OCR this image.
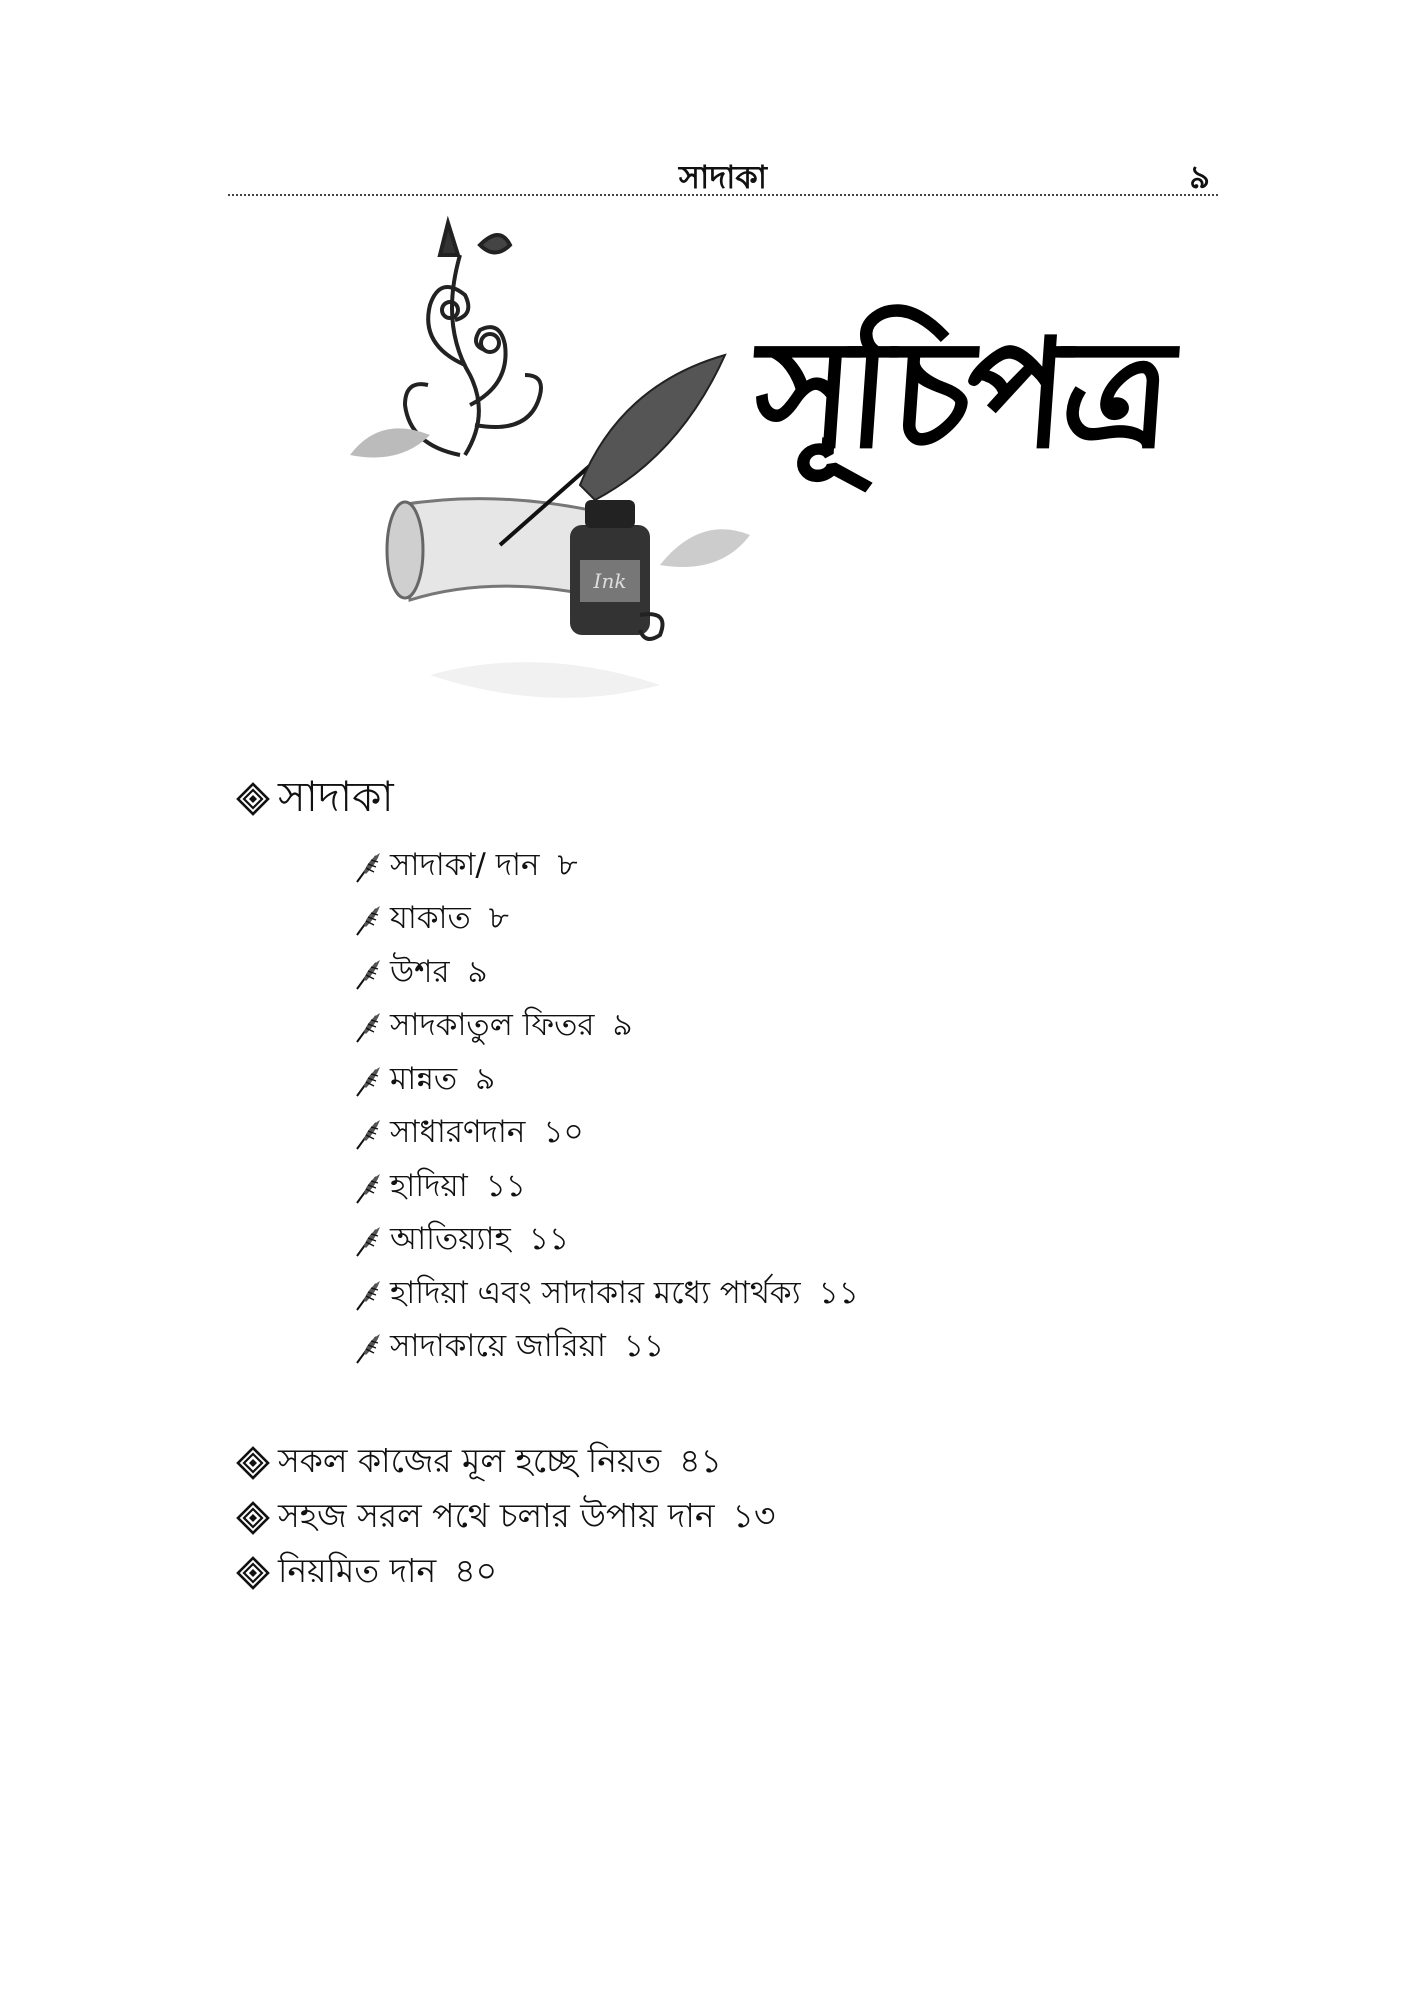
সাদাকা	৯
Ink
সূচিপত্র
সাদাকা
সাদাকা/ দান ৮
যাকাত ৮
উশর ৯
সাদকাতুল ফিতর ৯
মান্নত ৯
সাধারণদান ১০
হাদিয়া ১১
আতিয়্যাহ ১১
হাদিয়া এবং সাদাকার মধ্যে পার্থক্য ১১
সাদাকায়ে জারিয়া ১১
সকল কাজের মূল হচ্ছে নিয়ত ৪১
সহজ সরল পথে চলার উপায় দান ১৩
নিয়মিত দান ৪০
